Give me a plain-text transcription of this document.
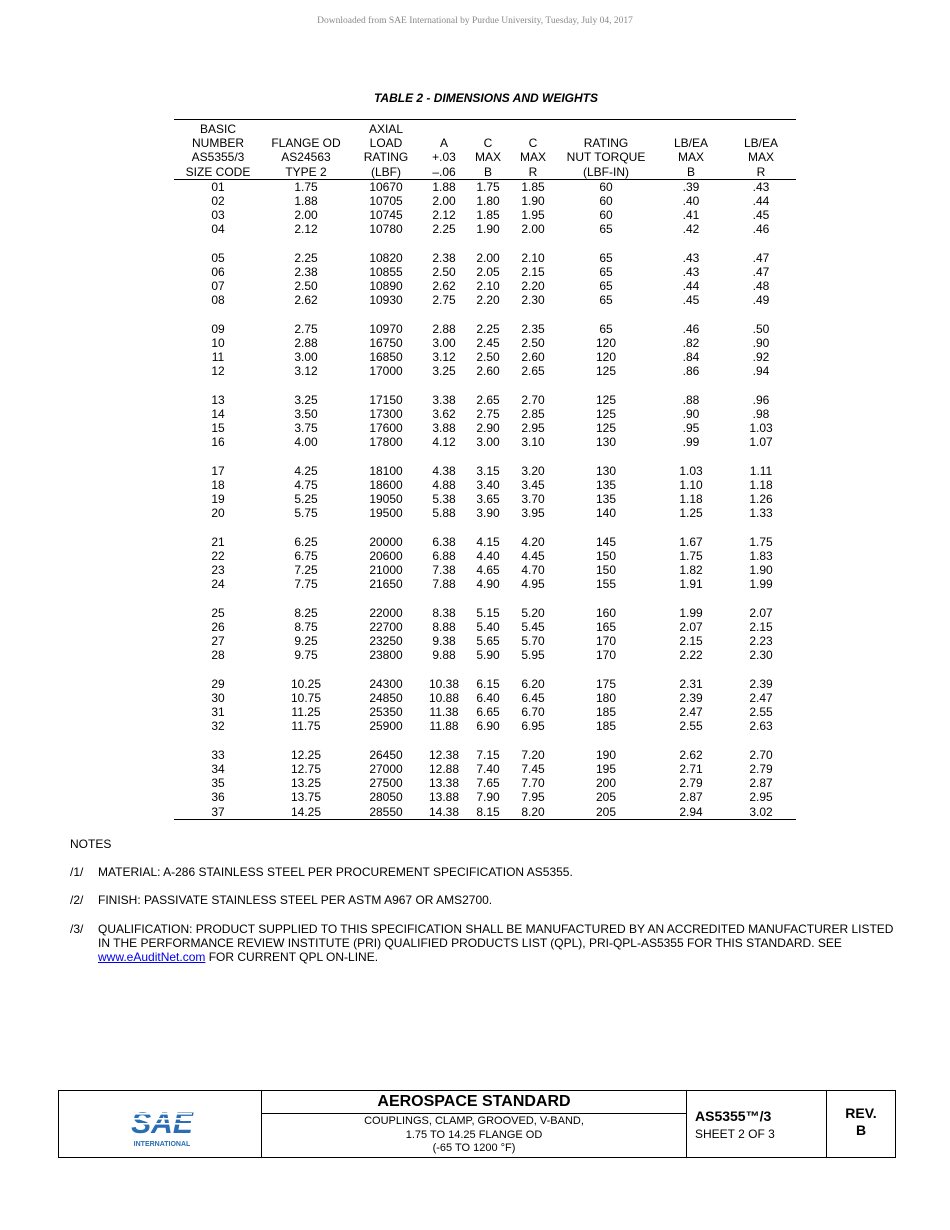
Downloaded from SAE International by Purdue University, Tuesday, July 04, 2017
TABLE 2 - DIMENSIONS AND WEIGHTS
BASIC		AXIAL						
NUMBER	FLANGE OD	LOAD	A	C	C	RATING	LB/EA	LB/EA
AS5355/3	AS24563	RATING	+.03	MAX	MAX	NUT TORQUE	MAX	MAX
SIZE CODE	TYPE 2	(LBF)	–.06	B	R	(LBF-IN)	B	R
01	1.75	10670	1.88	1.75	1.85	60	.39	.43
02	1.88	10705	2.00	1.80	1.90	60	.40	.44
03	2.00	10745	2.12	1.85	1.95	60	.41	.45
04	2.12	10780	2.25	1.90	2.00	65	.42	.46

05	2.25	10820	2.38	2.00	2.10	65	.43	.47
06	2.38	10855	2.50	2.05	2.15	65	.43	.47
07	2.50	10890	2.62	2.10	2.20	65	.44	.48
08	2.62	10930	2.75	2.20	2.30	65	.45	.49

09	2.75	10970	2.88	2.25	2.35	65	.46	.50
10	2.88	16750	3.00	2.45	2.50	120	.82	.90
11	3.00	16850	3.12	2.50	2.60	120	.84	.92
12	3.12	17000	3.25	2.60	2.65	125	.86	.94

13	3.25	17150	3.38	2.65	2.70	125	.88	.96
14	3.50	17300	3.62	2.75	2.85	125	.90	.98
15	3.75	17600	3.88	2.90	2.95	125	.95	1.03
16	4.00	17800	4.12	3.00	3.10	130	.99	1.07

17	4.25	18100	4.38	3.15	3.20	130	1.03	1.11
18	4.75	18600	4.88	3.40	3.45	135	1.10	1.18
19	5.25	19050	5.38	3.65	3.70	135	1.18	1.26
20	5.75	19500	5.88	3.90	3.95	140	1.25	1.33

21	6.25	20000	6.38	4.15	4.20	145	1.67	1.75
22	6.75	20600	6.88	4.40	4.45	150	1.75	1.83
23	7.25	21000	7.38	4.65	4.70	150	1.82	1.90
24	7.75	21650	7.88	4.90	4.95	155	1.91	1.99

25	8.25	22000	8.38	5.15	5.20	160	1.99	2.07
26	8.75	22700	8.88	5.40	5.45	165	2.07	2.15
27	9.25	23250	9.38	5.65	5.70	170	2.15	2.23
28	9.75	23800	9.88	5.90	5.95	170	2.22	2.30

29	10.25	24300	10.38	6.15	6.20	175	2.31	2.39
30	10.75	24850	10.88	6.40	6.45	180	2.39	2.47
31	11.25	25350	11.38	6.65	6.70	185	2.47	2.55
32	11.75	25900	11.88	6.90	6.95	185	2.55	2.63

33	12.25	26450	12.38	7.15	7.20	190	2.62	2.70
34	12.75	27000	12.88	7.40	7.45	195	2.71	2.79
35	13.25	27500	13.38	7.65	7.70	200	2.79	2.87
36	13.75	28050	13.88	7.90	7.95	205	2.87	2.95
37	14.25	28550	14.38	8.15	8.20	205	2.94	3.02
NOTES
/1/	MATERIAL: A-286 STAINLESS STEEL PER PROCUREMENT SPECIFICATION AS5355.
/2/	FINISH: PASSIVATE STAINLESS STEEL PER ASTM A967 OR AMS2700.
/3/	QUALIFICATION: PRODUCT SUPPLIED TO THIS SPECIFICATION SHALL BE MANUFACTURED BY AN ACCREDITED MANUFACTURER LISTED IN THE PERFORMANCE REVIEW INSTITUTE (PRI) QUALIFIED PRODUCTS LIST (QPL), PRI-QPL-AS5355 FOR THIS STANDARD. SEE www.eAuditNet.com FOR CURRENT QPL ON-LINE.
INTERNATIONAL
AEROSPACE STANDARD
COUPLINGS, CLAMP, GROOVED, V-BAND,
1.75 TO 14.25 FLANGE OD
(-65 TO 1200 °F)
AS5355™/3
SHEET 2 OF 3
REV.
B
